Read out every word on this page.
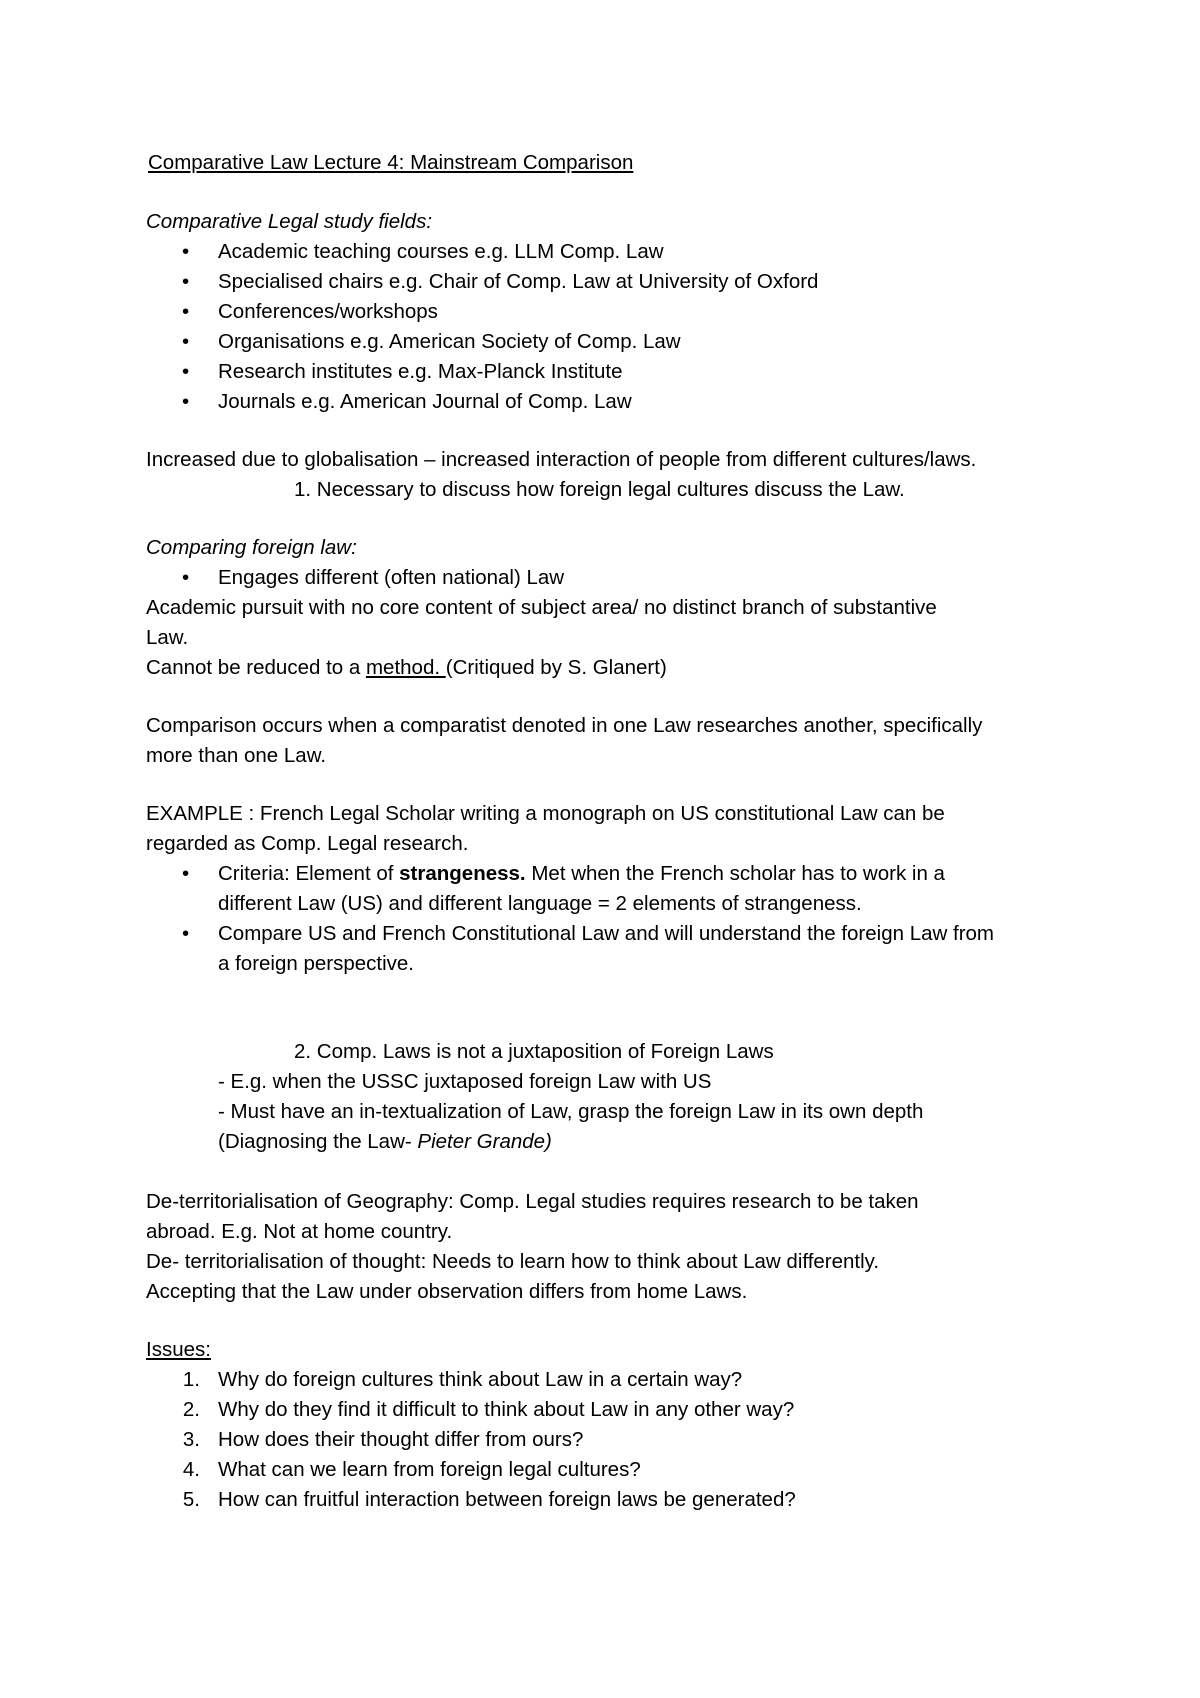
Comparative Law Lecture 4: Mainstream Comparison
Comparative Legal study fields:
• Academic teaching courses e.g. LLM Comp. Law
• Specialised chairs e.g. Chair of Comp. Law at University of Oxford
• Conferences/workshops
• Organisations e.g. American Society of Comp. Law
• Research institutes e.g. Max-Planck Institute
• Journals e.g. American Journal of Comp. Law
Increased due to globalisation – increased interaction of people from different cultures/laws.
1. Necessary to discuss how foreign legal cultures discuss the Law.
Comparing foreign law:
• Engages different (often national) Law
Academic pursuit with no core content of subject area/ no distinct branch of substantive
Law.
Cannot be reduced to a method. (Critiqued by S. Glanert)
Comparison occurs when a comparatist denoted in one Law researches another, specifically
more than one Law.
EXAMPLE : French Legal Scholar writing a monograph on US constitutional Law can be
regarded as Comp. Legal research.
• Criteria: Element of strangeness. Met when the French scholar has to work in a
different Law (US) and different language = 2 elements of strangeness.
• Compare US and French Constitutional Law and will understand the foreign Law from
a foreign perspective.
2. Comp. Laws is not a juxtaposition of Foreign Laws
- E.g. when the USSC juxtaposed foreign Law with US
- Must have an in-textualization of Law, grasp the foreign Law in its own depth
(Diagnosing the Law- Pieter Grande)
De-territorialisation of Geography: Comp. Legal studies requires research to be taken
abroad. E.g. Not at home country.
De- territorialisation of thought: Needs to learn how to think about Law differently.
Accepting that the Law under observation differs from home Laws.
Issues:
1. Why do foreign cultures think about Law in a certain way?
2. Why do they find it difficult to think about Law in any other way?
3. How does their thought differ from ours?
4. What can we learn from foreign legal cultures?
5. How can fruitful interaction between foreign laws be generated?
